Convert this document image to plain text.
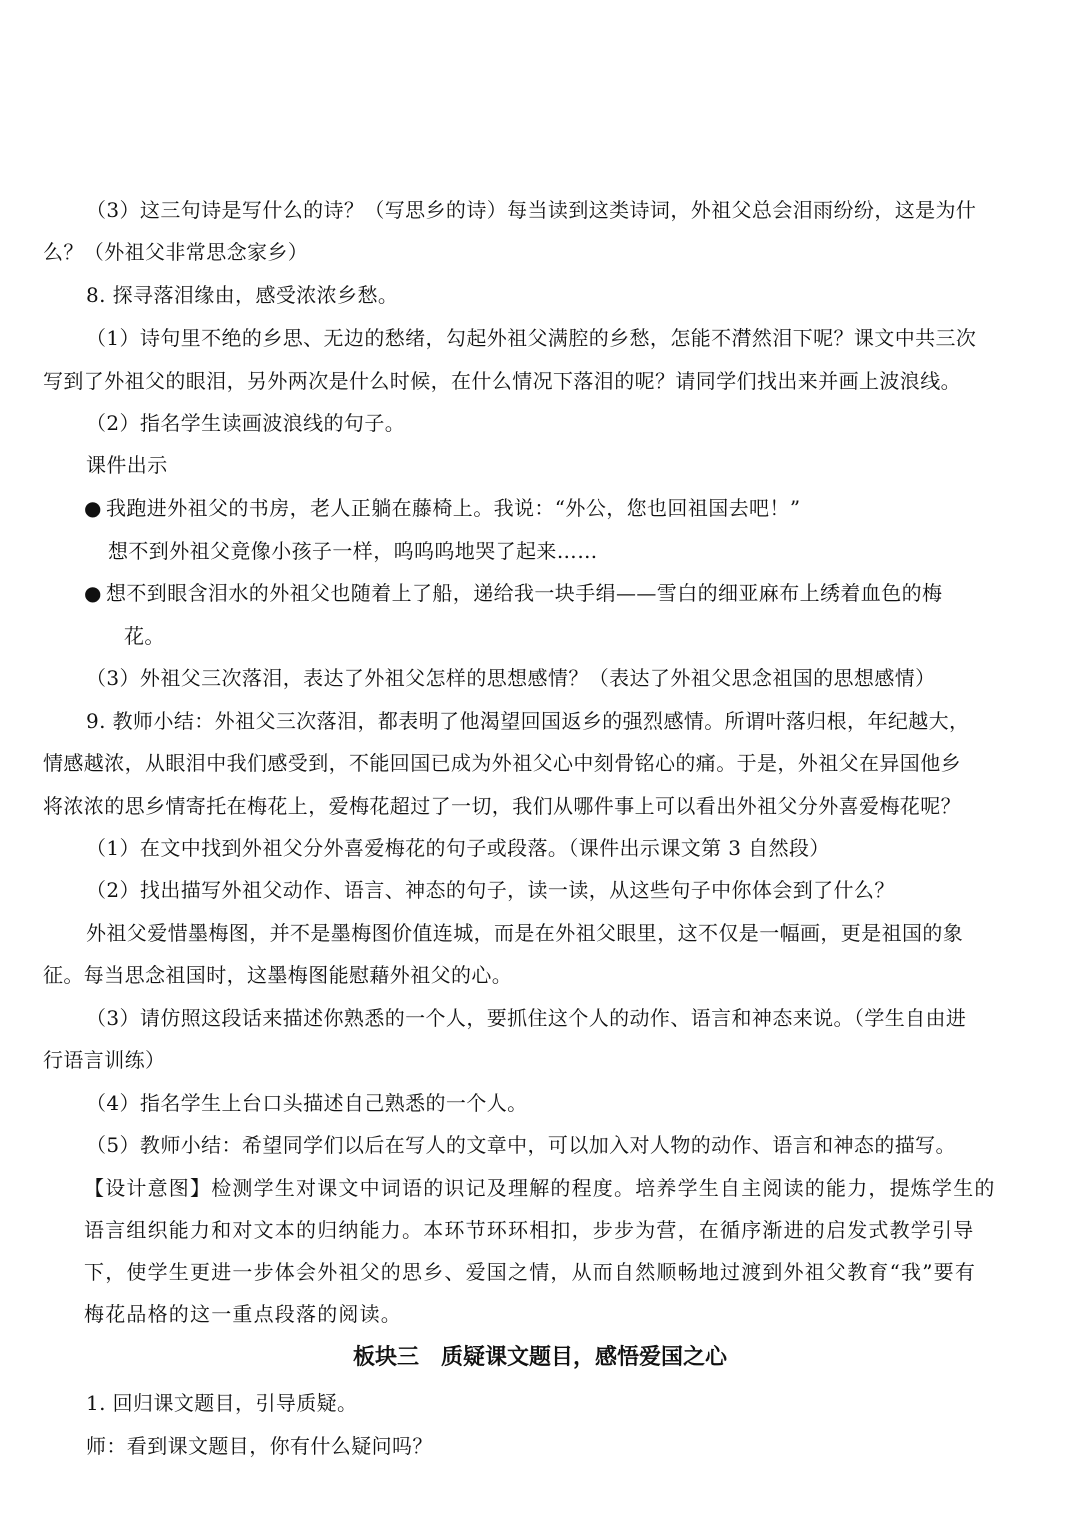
（3）这三句诗是写什么的诗？（写思乡的诗）每当读到这类诗词，外祖父总会泪雨纷纷，这是为什
么？（外祖父非常思念家乡）
8. 探寻落泪缘由，感受浓浓乡愁。
（1）诗句里不绝的乡思、无边的愁绪，勾起外祖父满腔的乡愁，怎能不潸然泪下呢？课文中共三次
写到了外祖父的眼泪，另外两次是什么时候，在什么情况下落泪的呢？请同学们找出来并画上波浪线。
（2）指名学生读画波浪线的句子。
课件出示
● 我跑进外祖父的书房，老人正躺在藤椅上。我说：“外公，您也回祖国去吧！”
想不到外祖父竟像小孩子一样，呜呜呜地哭了起来……
● 想不到眼含泪水的外祖父也随着上了船，递给我一块手绢——雪白的细亚麻布上绣着血色的梅
花。
（3）外祖父三次落泪，表达了外祖父怎样的思想感情？（表达了外祖父思念祖国的思想感情）
9. 教师小结：外祖父三次落泪，都表明了他渴望回国返乡的强烈感情。所谓叶落归根，年纪越大，
情感越浓，从眼泪中我们感受到，不能回国已成为外祖父心中刻骨铭心的痛。于是，外祖父在异国他乡
将浓浓的思乡情寄托在梅花上，爱梅花超过了一切，我们从哪件事上可以看出外祖父分外喜爱梅花呢？
（1）在文中找到外祖父分外喜爱梅花的句子或段落。（课件出示课文第 3 自然段）
（2）找出描写外祖父动作、语言、神态的句子，读一读，从这些句子中你体会到了什么？
外祖父爱惜墨梅图，并不是墨梅图价值连城，而是在外祖父眼里，这不仅是一幅画，更是祖国的象
征。每当思念祖国时，这墨梅图能慰藉外祖父的心。
（3）请仿照这段话来描述你熟悉的一个人，要抓住这个人的动作、语言和神态来说。（学生自由进
行语言训练）
（4）指名学生上台口头描述自己熟悉的一个人。
（5）教师小结：希望同学们以后在写人的文章中，可以加入对人物的动作、语言和神态的描写。
【设计意图】检测学生对课文中词语的识记及理解的程度。培养学生自主阅读的能力，提炼学生的
语言组织能力和对文本的归纳能力。本环节环环相扣，步步为营，在循序渐进的启发式教学引导
下，使学生更进一步体会外祖父的思乡、爱国之情，从而自然顺畅地过渡到外祖父教育“我”要有
梅花品格的这一重点段落的阅读。
板块三　质疑课文题目，感悟爱国之心
1. 回归课文题目，引导质疑。
师：看到课文题目，你有什么疑问吗？
